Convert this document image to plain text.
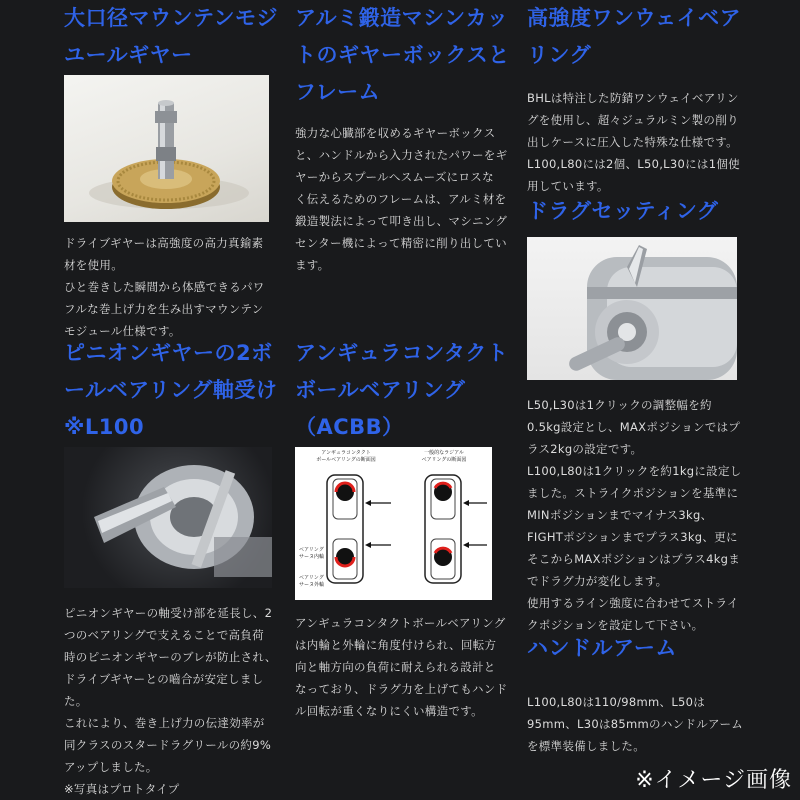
大口径マウンテンモジ

ユールギヤー

ドライブギヤーは高強度の高力真鍮素

材を使用。

ひと巻きした瞬間から体感できるパワ

フルな巻上げ力を生み出すマウンテン

モジュール仕様です。

ピニオンギヤーの2ボ

ールベアリング軸受け

※L100

ピニオンギヤーの軸受け部を延長し、2

つのベアリングで支えることで高負荷

時のピニオンギヤーのブレが防止され、

ドライブギヤーとの嚙合が安定しまし

た。

これにより、巻き上げ力の伝達効率が

同クラスのスタードラグリールの約9%

アップしました。

※写真はプロトタイプ

アルミ鍛造マシンカッ

トのギヤーボックスと

フレーム

強力な心臓部を収めるギヤーボックス

と、ハンドルから入力されたパワーをギ

ヤーからスプールへスムーズにロスな

く伝えるためのフレームは、アルミ材を

鍛造製法によって叩き出し、マシニング

センター機によって精密に削り出してい

ます。

アンギュラコンタクト

ボールベアリング

（ACBB）

アンギュラコンタクト
ボールベアリングの断面図
一般的なラジアル
ベアリングの断面図
ベアリング
サーヌ内輪
ベアリング
サーヌ外輪

アンギュラコンタクトボールベアリング

は内輪と外輪に角度付けられ、回転方

向と軸方向の負荷に耐えられる設計と

なっており、ドラグ力を上げてもハンド

ル回転が重くなりにくい構造です。

高強度ワンウェイベア

リング

BHLは特注した防錆ワンウェイベアリン

グを使用し、超々ジュラルミン製の削り

出しケースに圧入した特殊な仕様です。

L100,L80には2個、L50,L30には1個使

用しています。

ドラグセッティング

L50,L30は1クリックの調整幅を約

0.5kg設定とし、MAXポジションではプ

ラス2kgの設定です。

L100,L80は1クリックを約1kgに設定し

ました。ストライクポジションを基準に

MINポジションまでマイナス3kg、

FIGHTポジションまでプラス3kg、更に

そこからMAXポジションはプラス4kgま

でドラグ力が変化します。

使用するライン強度に合わせてストライ

クポジションを設定して下さい。

ハンドルアーム

L100,L80は110/98mm、L50は

95mm、L30は85mmのハンドルアーム

を標準装備しました。

※イメージ画像
